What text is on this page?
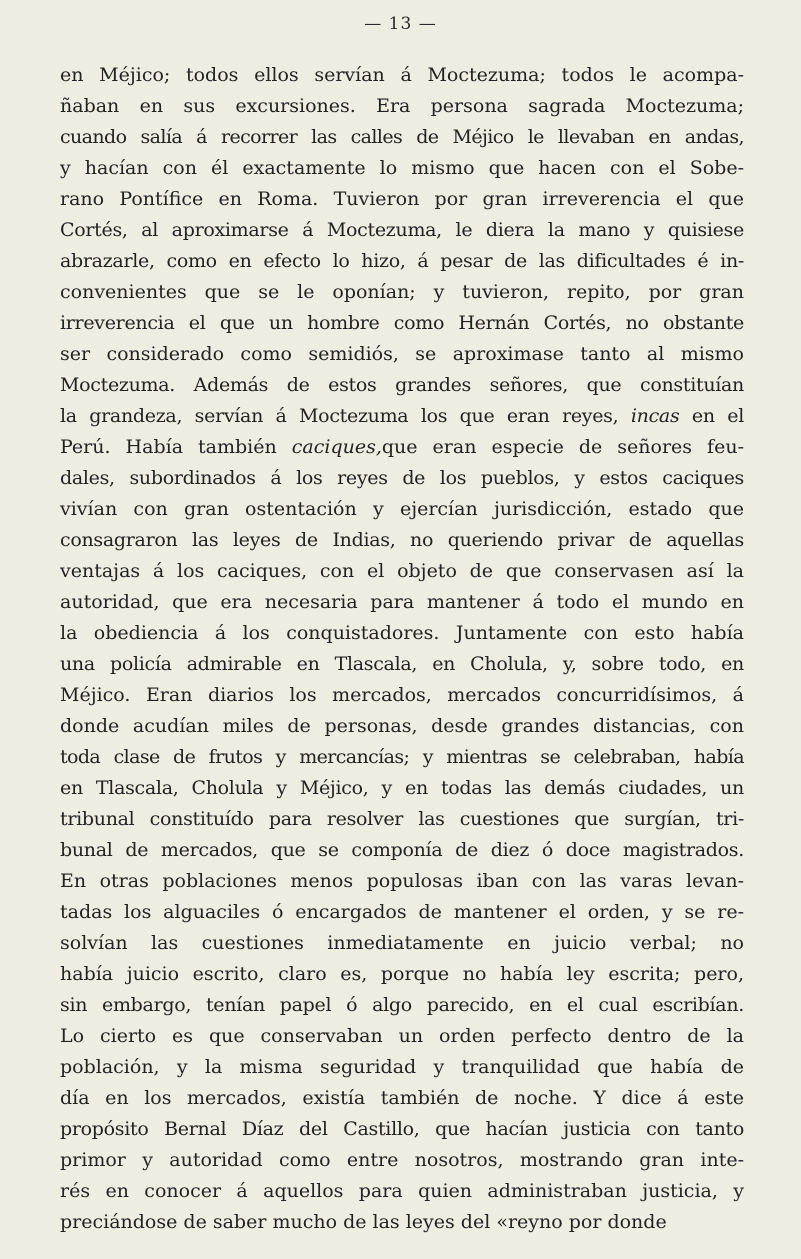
— 13 —
en Méjico; todos ellos servían á Moctezuma; todos le acompa-
ñaban en sus excursiones. Era persona sagrada Moctezuma;
cuando salía á recorrer las calles de Méjico le llevaban en andas,
y hacían con él exactamente lo mismo que hacen con el Sobe-
rano Pontífice en Roma. Tuvieron por gran irreverencia el que
Cortés, al aproximarse á Moctezuma, le diera la mano y quisiese
abrazarle, como en efecto lo hizo, á pesar de las dificultades é in-
convenientes que se le oponían; y tuvieron, repito, por gran
irreverencia el que un hombre como Hernán Cortés, no obstante
ser considerado como semidiós, se aproximase tanto al mismo
Moctezuma. Además de estos grandes señores, que constituían
la grandeza, servían á Moctezuma los que eran reyes, incas en el
Perú. Había también caciques,que eran especie de señores feu-
dales, subordinados á los reyes de los pueblos, y estos caciques
vivían con gran ostentación y ejercían jurisdicción, estado que
consagraron las leyes de Indias, no queriendo privar de aquellas
ventajas á los caciques, con el objeto de que conservasen así la
autoridad, que era necesaria para mantener á todo el mundo en
la obediencia á los conquistadores. Juntamente con esto había
una policía admirable en Tlascala, en Cholula, y, sobre todo, en
Méjico. Eran diarios los mercados, mercados concurridísimos, á
donde acudían miles de personas, desde grandes distancias, con
toda clase de frutos y mercancías; y mientras se celebraban, había
en Tlascala, Cholula y Méjico, y en todas las demás ciudades, un
tribunal constituído para resolver las cuestiones que surgían, tri-
bunal de mercados, que se componía de diez ó doce magistrados.
En otras poblaciones menos populosas iban con las varas levan-
tadas los alguaciles ó encargados de mantener el orden, y se re-
solvían las cuestiones inmediatamente en juicio verbal; no
había juicio escrito, claro es, porque no había ley escrita; pero,
sin embargo, tenían papel ó algo parecido, en el cual escribían.
Lo cierto es que conservaban un orden perfecto dentro de la
población, y la misma seguridad y tranquilidad que había de
día en los mercados, existía también de noche. Y dice á este
propósito Bernal Díaz del Castillo, que hacían justicia con tanto
primor y autoridad como entre nosotros, mostrando gran inte-
rés en conocer á aquellos para quien administraban justicia, y
preciándose de saber mucho de las leyes del «reyno por donde
